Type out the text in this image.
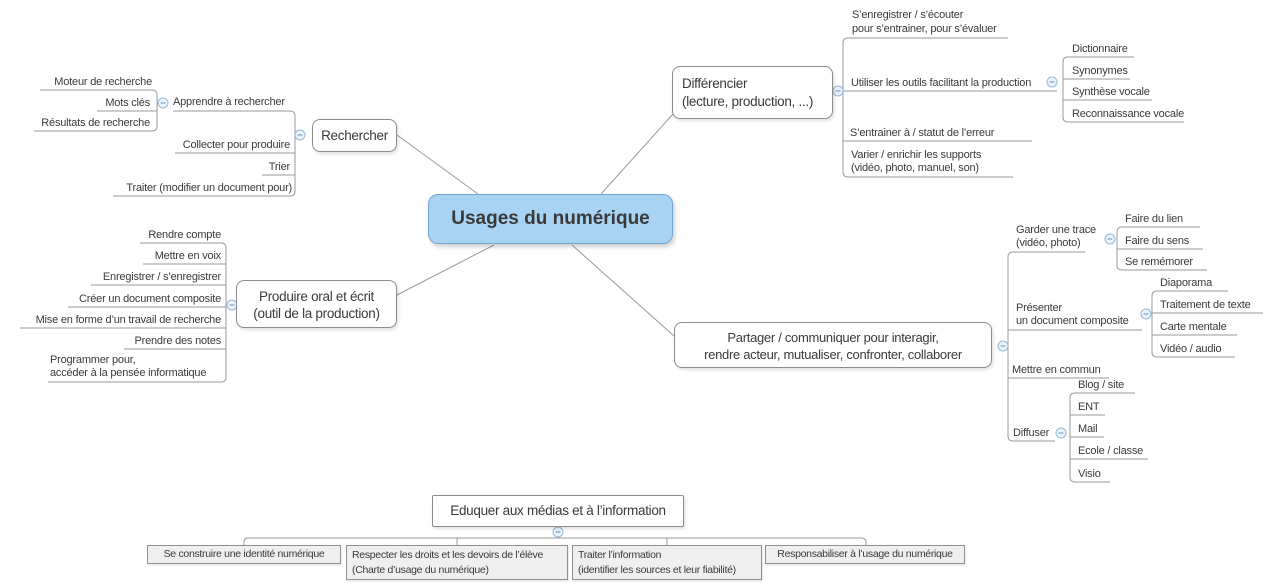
Usages du numérique
Rechercher
Différencier
(lecture, production, ...)
Produire oral et écrit
(outil de la production)
Partager / communiquer pour interagir,
rendre acteur, mutualiser, confronter, collaborer
Eduquer aux médias et à l’information
Apprendre à rechercher
Moteur de recherche
Mots clés
Résultats de recherche
Collecter pour produire
Trier
Traiter (modifier un document pour)
Rendre compte
Mettre en voix
Enregistrer / s’enregistrer
Créer un document composite
Mise en forme d’un travail de recherche
Prendre des notes
Programmer pour,
accéder à la pensée informatique
S’enregistrer / s’écouter
pour s’entrainer, pour s’évaluer
Utiliser les outils facilitant la production
Dictionnaire
Synonymes
Synthèse vocale
Reconnaissance vocale
S’entrainer à / statut de l’erreur
Varier / enrichir les supports
(vidéo, photo, manuel, son)
Garder une trace
(vidéo, photo)
Faire du lien
Faire du sens
Se remémorer
Présenter
un document composite
Diaporama
Traitement de texte
Carte mentale
Vidéo / audio
Mettre en commun
Diffuser
Blog / site
ENT
Mail
Ecole / classe
Visio
Se construire une identité numérique	Respecter les droits et les devoirs de l’élève
(Charte d’usage du numérique)
Traiter l’information
(identifier les sources et leur fiabilité)
Responsabiliser à l’usage du numérique
